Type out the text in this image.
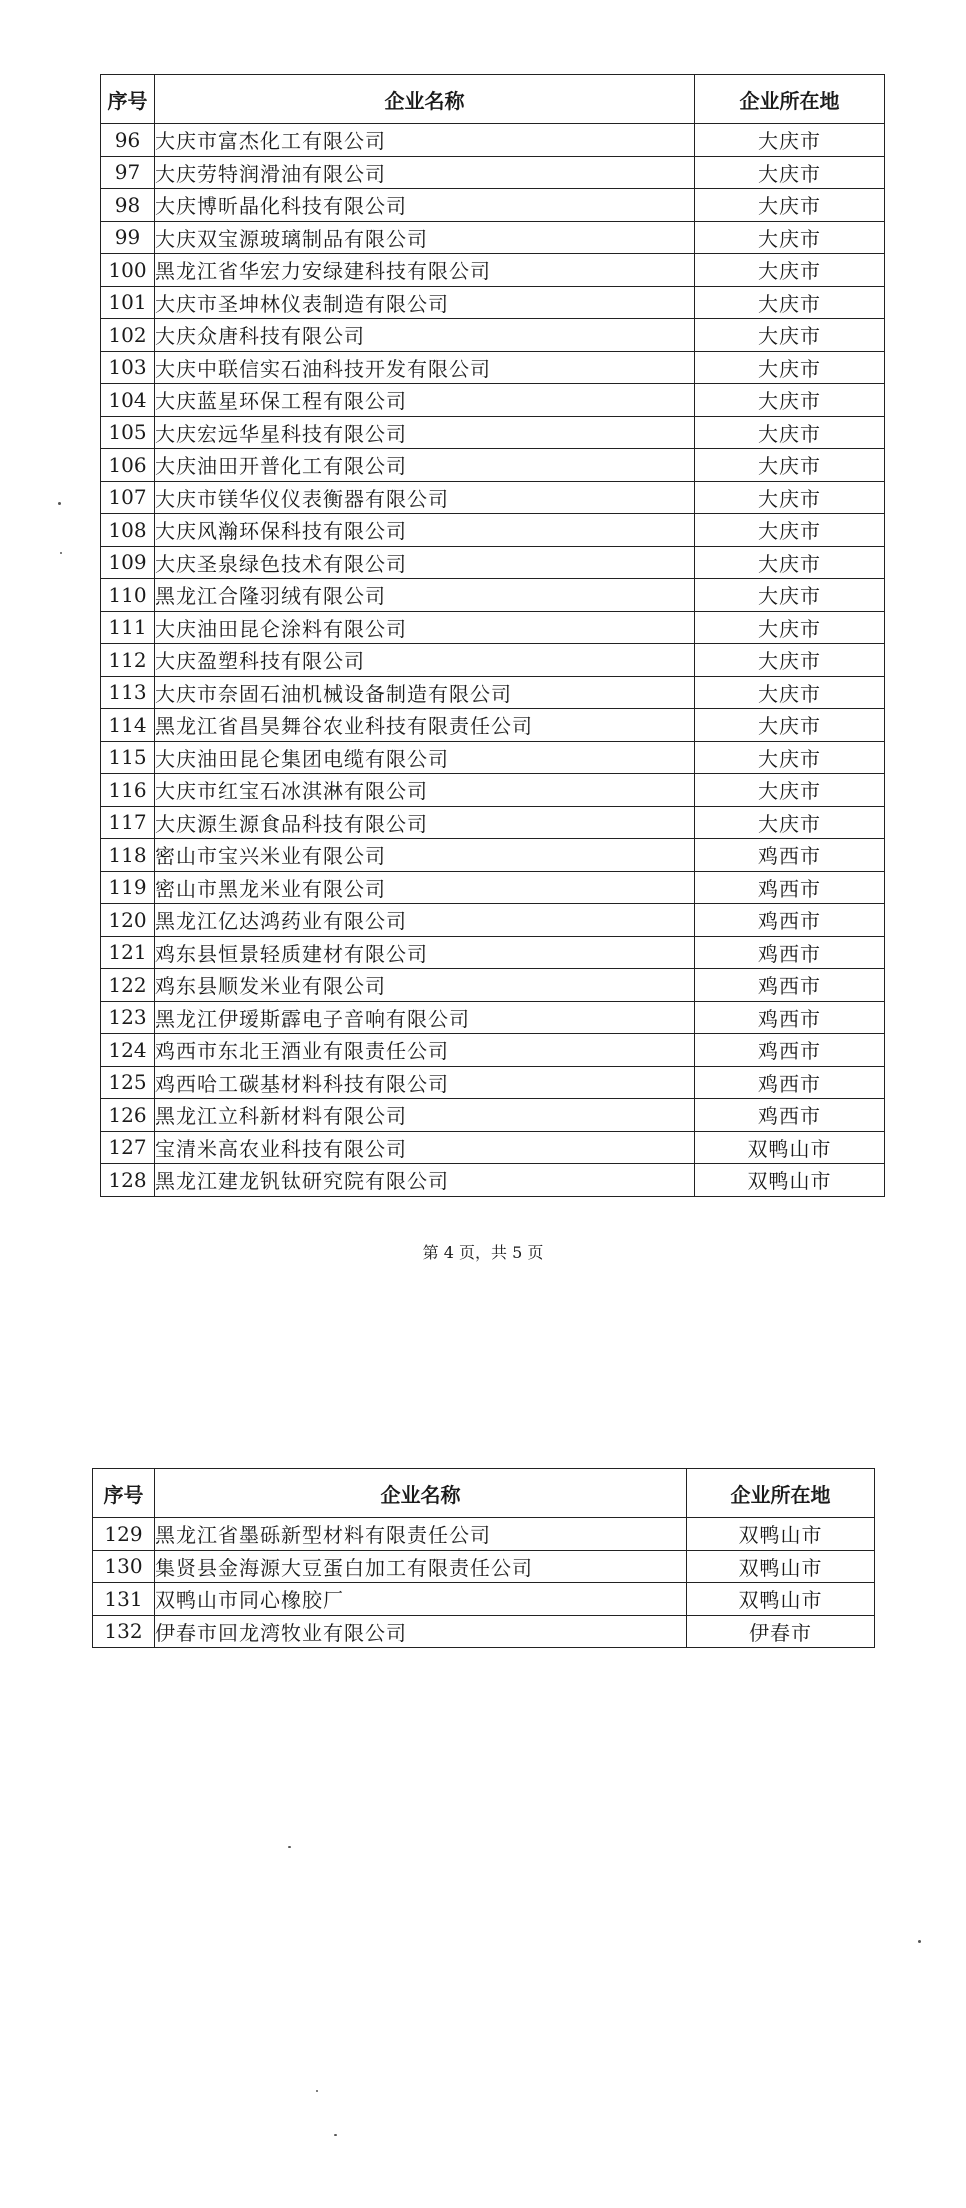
序号	企业名称	企业所在地
96	大庆市富杰化工有限公司	大庆市
97	大庆劳特润滑油有限公司	大庆市
98	大庆博昕晶化科技有限公司	大庆市
99	大庆双宝源玻璃制品有限公司	大庆市
100	黑龙江省华宏力安绿建科技有限公司	大庆市
101	大庆市圣坤林仪表制造有限公司	大庆市
102	大庆众唐科技有限公司	大庆市
103	大庆中联信实石油科技开发有限公司	大庆市
104	大庆蓝星环保工程有限公司	大庆市
105	大庆宏远华星科技有限公司	大庆市
106	大庆油田开普化工有限公司	大庆市
107	大庆市镁华仪仪表衡器有限公司	大庆市
108	大庆风瀚环保科技有限公司	大庆市
109	大庆圣泉绿色技术有限公司	大庆市
110	黑龙江合隆羽绒有限公司	大庆市
111	大庆油田昆仑涂料有限公司	大庆市
112	大庆盈塑科技有限公司	大庆市
113	大庆市奈固石油机械设备制造有限公司	大庆市
114	黑龙江省昌昊舞谷农业科技有限责任公司	大庆市
115	大庆油田昆仑集团电缆有限公司	大庆市
116	大庆市红宝石冰淇淋有限公司	大庆市
117	大庆源生源食品科技有限公司	大庆市
118	密山市宝兴米业有限公司	鸡西市
119	密山市黑龙米业有限公司	鸡西市
120	黑龙江亿达鸿药业有限公司	鸡西市
121	鸡东县恒景轻质建材有限公司	鸡西市
122	鸡东县顺发米业有限公司	鸡西市
123	黑龙江伊瑷斯霹电子音响有限公司	鸡西市
124	鸡西市东北王酒业有限责任公司	鸡西市
125	鸡西哈工碳基材料科技有限公司	鸡西市
126	黑龙江立科新材料有限公司	鸡西市
127	宝清米高农业科技有限公司	双鸭山市
128	黑龙江建龙钒钛研究院有限公司	双鸭山市
第 4 页，共 5 页
序号	企业名称	企业所在地
129	黑龙江省墨砾新型材料有限责任公司	双鸭山市
130	集贤县金海源大豆蛋白加工有限责任公司	双鸭山市
131	双鸭山市同心橡胶厂	双鸭山市
132	伊春市回龙湾牧业有限公司	伊春市
